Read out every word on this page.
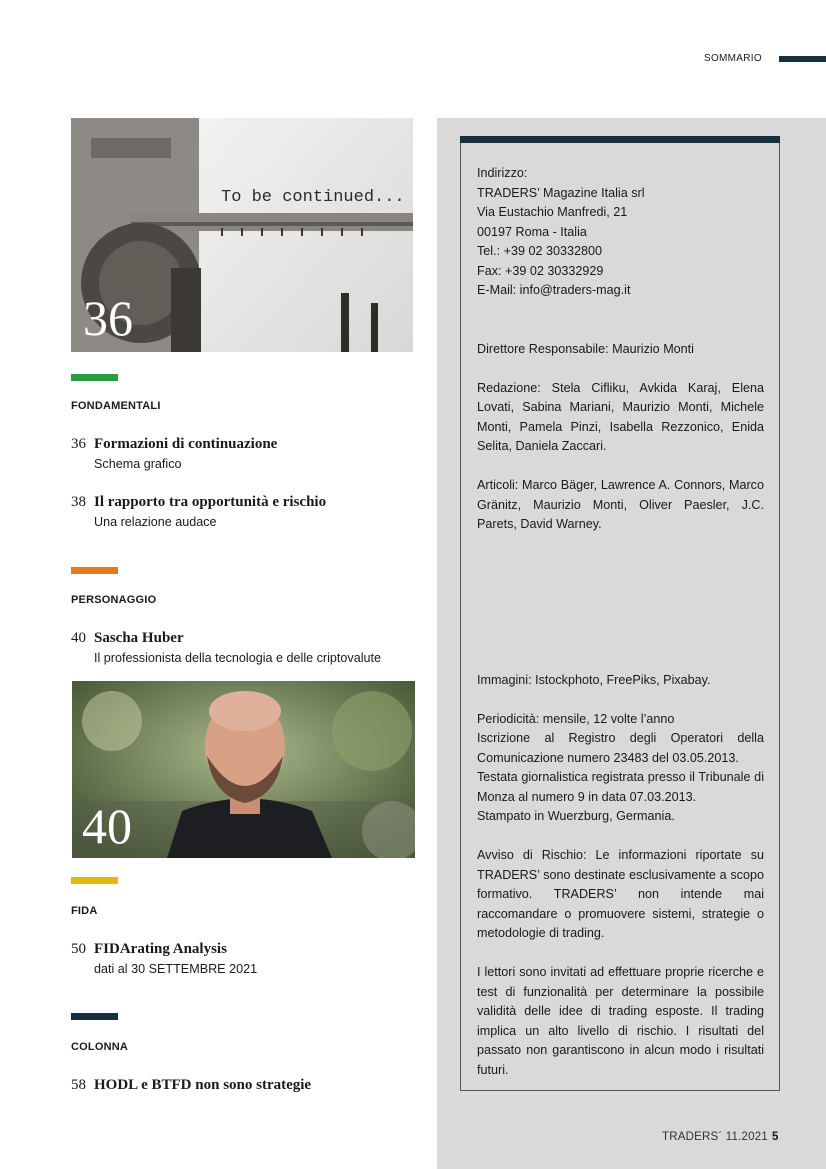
SOMMARIO

Indirizzo:
TRADERS’ Magazine Italia srl
Via Eustachio Manfredi, 21
00197 Roma - Italia
Tel.: +39 02 30332800
Fax: +39 02 30332929
E-Mail: info@traders-mag.it

Direttore Responsabile: Maurizio Monti

Redazione: Stela Cifliku, Avkida Karaj, Elena Lovati, Sabina Mariani, Maurizio Monti, Michele Monti, Pamela Pinzi, Isabella Rezzonico, Enida Selita, Daniela Zaccari.

Articoli: Marco Bäger, Lawrence A. Connors, Marco Gränitz, Maurizio Monti, Oliver Paesler, J.C. Parets, David Warney.

Immagini: Istockphoto, FreePiks, Pixabay.

Periodicità: mensile, 12 volte l’anno
Iscrizione al Registro degli Operatori della Comunicazione numero 23483 del 03.05.2013.
Testata giornalistica registrata presso il Tribunale di Monza al numero 9 in data 07.03.2013.
Stampato in Wuerzburg, Germania.

Avviso di Rischio: Le informazioni riportate su TRADERS’ sono destinate esclusivamente a scopo formativo. TRADERS’ non intende mai raccomandare o promuovere sistemi, strategie o metodologie di trading.

I lettori sono invitati ad effettuare proprie ricerche e test di funzionalità per determinare la possibile validità delle idee di trading esposte. Il trading implica un alto livello di rischio. I risultati del passato non garantiscono in alcun modo i risultati futuri.

To be continued...
36
FONDAMENTALI
36 Formazioni di continuazione
Schema grafico
38 Il rapporto tra opportunità e rischio
Una relazione audace
PERSONAGGIO
40 Sascha Huber
Il professionista della tecnologia e delle criptovalute
40
FIDA
50 FIDArating Analysis
dati al 30 SETTEMBRE 2021
COLONNA
58 HODL e BTFD non sono strategie
TRADERS´ 11.2021 5
